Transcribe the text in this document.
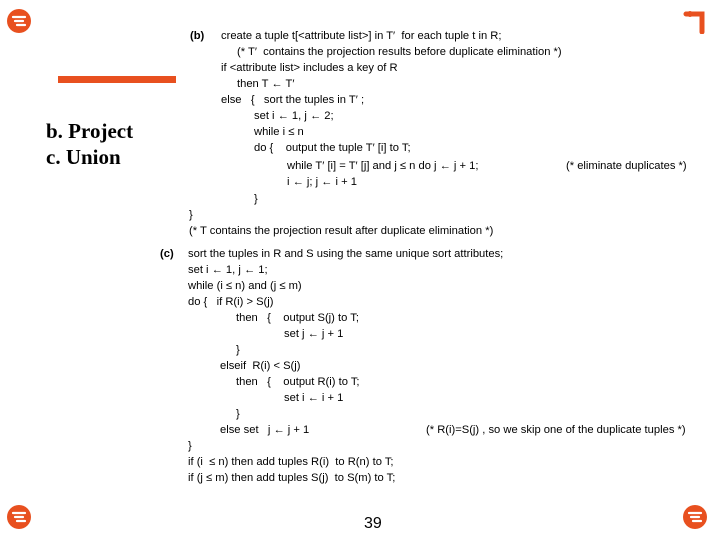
b. Project
c. Union
(b) create a tuple t[<attribute list>] in T′  for each tuple t in R;
(* T′  contains the projection results before duplicate elimination *)
if <attribute list> includes a key of R
then T ← T′
else   {   sort the tuples in T′ ;
set i ← 1, j ← 2;
while i ≤ n
do {    output the tuple T′ [i] to T;
while T′ [i] = T′ [j] and j ≤ n do j ← j + 1;	(* eliminate duplicates *)
i ← j; j ← i + 1
}
}
(* T contains the projection result after duplicate elimination *)
(c) sort the tuples in R and S using the same unique sort attributes;
set i ← 1, j ← 1;
while (i ≤ n) and (j ≤ m)
do {   if R(i) > S(j)
then   {    output S(j) to T;
set j ← j + 1
}
elseif  R(i) < S(j)
then   {    output R(i) to T;
set i ← i + 1
}
else set   j ← j + 1	(* R(i)=S(j) , so we skip one of the duplicate tuples *)
}
if (i  ≤ n) then add tuples R(i)  to R(n) to T;
if (j ≤ m) then add tuples S(j)  to S(m) to T;
39
